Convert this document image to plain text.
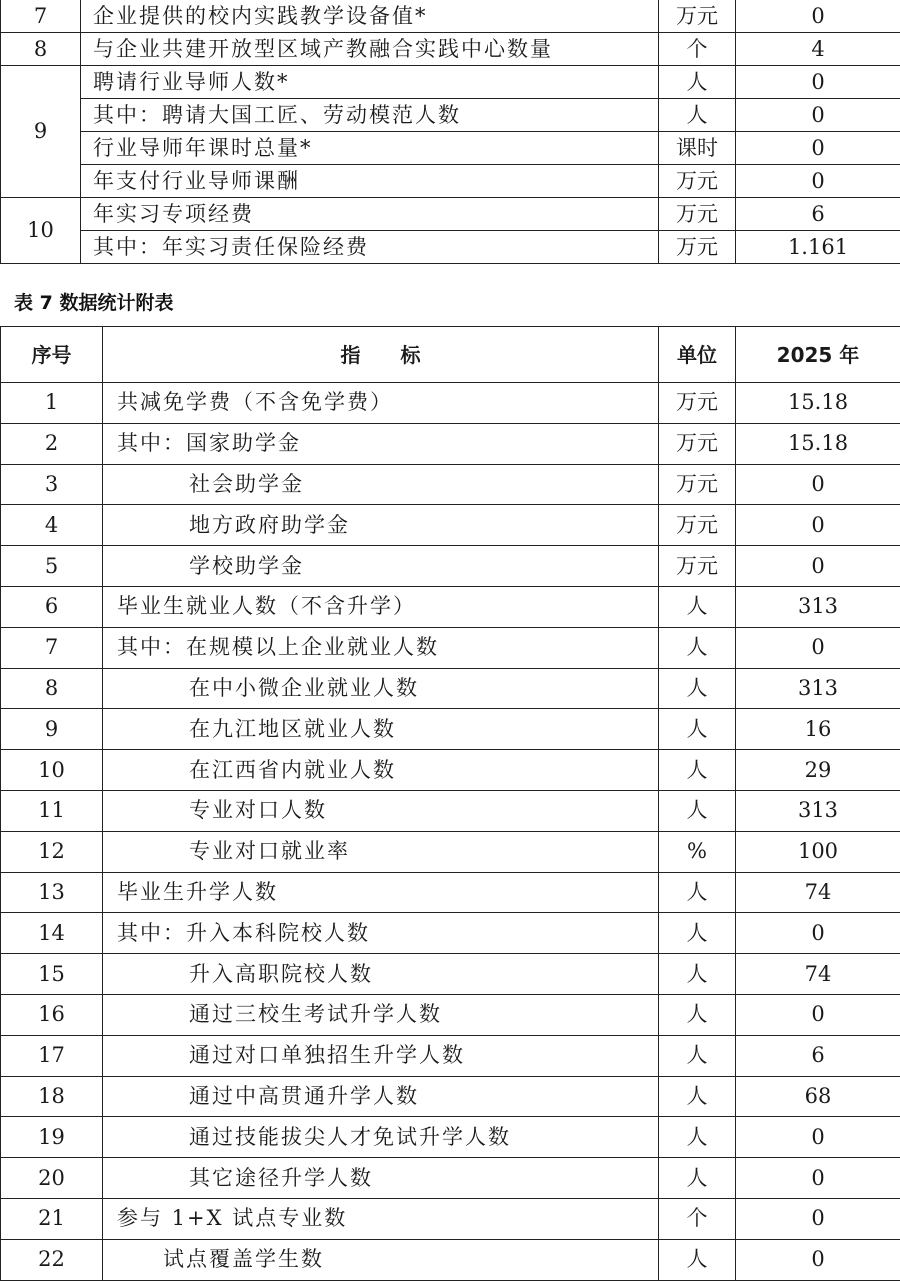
7	企业提供的校内实践教学设备值*	万元	0
8	与企业共建开放型区域产教融合实践中心数量	个	4
9	聘请行业导师人数*	人	0
	其中：聘请大国工匠、劳动模范人数	人	0
	行业导师年课时总量*	课时	0
	年支付行业导师课酬	万元	0
10	年实习专项经费	万元	6
	其中：年实习责任保险经费	万元	1.161
表 7 数据统计附表
序号	指　　标	单位	2025 年
1	共减免学费（不含免学费）	万元	15.18
2	其中：国家助学金	万元	15.18
3	社会助学金	万元	0
4	地方政府助学金	万元	0
5	学校助学金	万元	0
6	毕业生就业人数（不含升学）	人	313
7	其中：在规模以上企业就业人数	人	0
8	在中小微企业就业人数	人	313
9	在九江地区就业人数	人	16
10	在江西省内就业人数	人	29
11	专业对口人数	人	313
12	专业对口就业率	%	100
13	毕业生升学人数	人	74
14	其中：升入本科院校人数	人	0
15	升入高职院校人数	人	74
16	通过三校生考试升学人数	人	0
17	通过对口单独招生升学人数	人	6
18	通过中高贯通升学人数	人	68
19	通过技能拔尖人才免试升学人数	人	0
20	其它途径升学人数	人	0
21	参与 1+X 试点专业数	个	0
22	试点覆盖学生数	人	0
